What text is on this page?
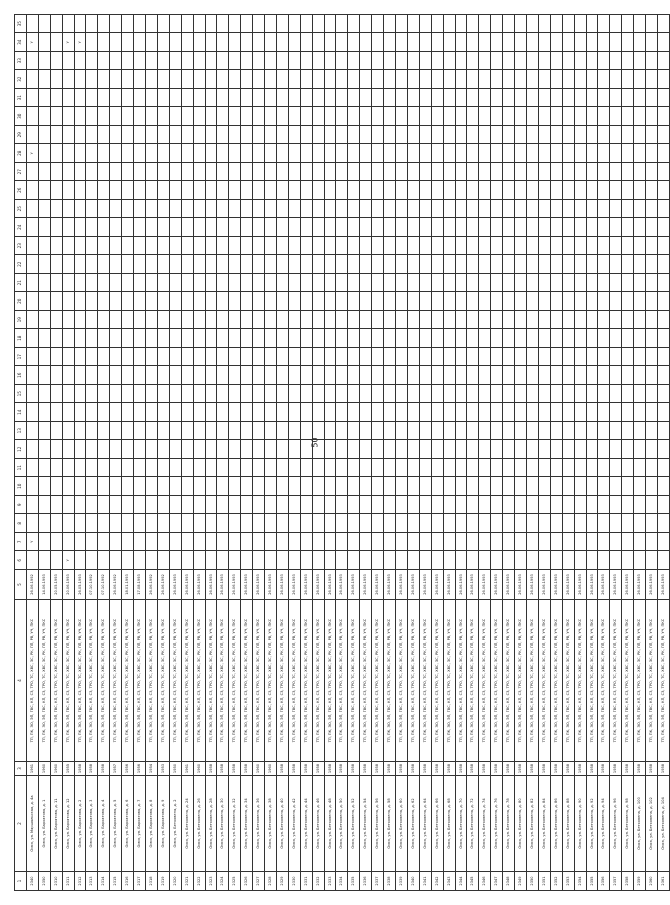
50
1	2	3	4	5	6	7	8	9	10	11	12	13	14	15	16	17	18	19	20	21	22	23	24	25	26	27	28	29	30	31	32	33	34	35
2340	Омск, ул. Маршальская, д. 4а	1961	ТП, ПК, ЭО, ЭП, ГВС, КП, СЗ, ТРО, ТС, ХВС, ЗС, РК, ПП, РВ, УЧ, ПКС	26.06.1992		Y																					Y						Y	
2350	Омск, ул. Бархатова, д. 1	1960	ТП, ПК, ЭО, ЭП, ГВС, КП, СЗ, ТРО, ТС, ХВС, ЗС, РК, ПП, РВ, УЧ, ПКС	14.06.1993																														
2310	Омск, ул. Бархатова, д. 11	1960	ТП, ПК, ЭО, ЭП, ГВС, КП, СЗ, ТРО, ТС, ХВС, ЗС, РК, ПП, РВ, УЧ, ПКС	20.05.1993																														
2311	Омск, ул. Бархатова, д. 12	1955	ТП, ПК, ЭО, ЭП, ГВС, КП, СЗ, ТРО, ТС, ХВС, ЗС, РК, ПП, РВ, УЧ, ПКС	20.06.1993	Y																												Y	
2312	Омск, ул. Бархатова, д. 2	1958	ТП, ПК, ЭО, ЭП, ГВС, КП, СЗ, ТРО, ТС, ХВС, ЗС, РК, ПП, РВ, УЧ, ПКС	26.05.1993																													Y	
2313	Омск, ул. Бархатова, д. 3	1958	ТП, ПК, ЭО, ЭП, ГВС, КП, СЗ, ТРО, ТС, ХВС, ЗС, РК, ПП, РВ, УЧ, ПКС	07.10.1992																														
2314	Омск, ул. Бархатова, д. 4	1958	ТП, ПК, ЭО, ЭП, ГВС, КП, СЗ, ТРО, ТС, ХВС, ЗС, РК, ПП, РВ, УЧ, ПКС	07.10.1992																														
2315	Омск, ул. Бархатова, д. 5	1957	ТП, ПК, ЭО, ЭП, ГВС, КП, СЗ, ТРО, ТС, ХВС, ЗС, РК, ПП, РВ, УЧ, ПКС	26.06.1992																														
2316	Омск, ул. Бархатова, д. 6	1956	ТП, ПК, ЭО, ЭП, ГВС, КП, СЗ, ТРО, ТС, ХВС, ЗС, РК, ПП, РВ, УЧ, ПКС	18.01.1993																														
2317	Омск, ул. Бархатова, д. 7	1956	ТП, ПК, ЭО, ЭП, ГВС, КП, СЗ, ТРО, ТС, ХВС, ЗС, РК, ПП, РВ, УЧ, ПКС	17.08.1993																														
2318	Омск, ул. Бархатова, д. 8	1954	ТП, ПК, ЭО, ЭП, ГВС, КП, СЗ, ТРО, ТС, ХВС, ЗС, РК, ПП, РВ, УЧ, ПКС	26.06.1992																														
2319	Омск, ул. Бархатова, д. 9	1953	ТП, ПК, ЭО, ЭП, ГВС, КП, СЗ, ТРО, ТС, ХВС, ЗС, РК, ПП, РВ, УЧ, ПКС	26.06.1992																														
2320	Омск, ул. Бетховена, д. 2	1950	ТП, ПК, ЭО, ЭП, ГВС, КП, СЗ, ТРО, ТС, ХВС, ЗС, РК, ПП, РВ, УЧ, ПКС	26.06.1993																														
2321	Омск, ул. Бетховена, д. 24	1961	ТП, ПК, ЭО, ЭП, ГВС, КП, СЗ, ТРО, ТС, ХВС, ЗС, РК, ПП, РВ, УЧ, ПКС	26.06.1993																														
2322	Омск, ул. Бетховена, д. 26	1960	ТП, ПК, ЭО, ЭП, ГВС, КП, СЗ, ТРО, ТС, ХВС, ЗС, РК, ПП, РВ, УЧ, ПКС	26.06.1993																														
2323	Омск, ул. Бетховена, д. 28	1958	ТП, ПК, ЭО, ЭП, ГВС, КП, СЗ, ТРО, ТС, ХВС, ЗС, РК, ПП, РВ, УЧ, ПКС	26.06.1993																														
2324	Омск, ул. Бетховена, д. 30	1958	ТП, ПК, ЭО, ЭП, ГВС, КП, СЗ, ТРО, ТС, ХВС, ЗС, РК, ПП, РВ, УЧ, ПКС	26.06.1993																														
2325	Омск, ул. Бетховена, д. 32	1958	ТП, ПК, ЭО, ЭП, ГВС, КП, СЗ, ТРО, ТС, ХВС, ЗС, РК, ПП, РВ, УЧ, ПКС	26.06.1993																														
2326	Омск, ул. Бетховена, д. 34	1958	ТП, ПК, ЭО, ЭП, ГВС, КП, СЗ, ТРО, ТС, ХВС, ЗС, РК, ПП, РВ, УЧ, ПКС	26.06.1993																														
2327	Омск, ул. Бетховена, д. 36	1960	ТП, ПК, ЭО, ЭП, ГВС, КП, СЗ, ТРО, ТС, ХВС, ЗС, РК, ПП, РВ, УЧ, ПКС	26.06.1993																														
2328	Омск, ул. Бетховена, д. 38	1960	ТП, ПК, ЭО, ЭП, ГВС, КП, СЗ, ТРО, ТС, ХВС, ЗС, РК, ПП, РВ, УЧ, ПКС	26.06.1993																														
2329	Омск, ул. Бетховена, д. 40	1958	ТП, ПК, ЭО, ЭП, ГВС, КП, СЗ, ТРО, ТС, ХВС, ЗС, РК, ПП, РВ, УЧ, ПКС	26.06.1993																														
2330	Омск, ул. Бетховена, д. 42	1958	ТП, ПК, ЭО, ЭП, ГВС, КП, СЗ, ТРО, ТС, ХВС, ЗС, РК, ПП, РВ, УЧ, ПКС	26.06.1993																														
2331	Омск, ул. Бетховена, д. 44	1958	ТП, ПК, ЭО, ЭП, ГВС, КП, СЗ, ТРО, ТС, ХВС, ЗС, РК, ПП, РВ, УЧ, ПКС	26.06.1993																														
2332	Омск, ул. Бетховена, д. 46	1958	ТП, ПК, ЭО, ЭП, ГВС, КП, СЗ, ТРО, ТС, ХВС, ЗС, РК, ПП, РВ, УЧ, ПКС	26.06.1993																														
2333	Омск, ул. Бетховена, д. 48	1958	ТП, ПК, ЭО, ЭП, ГВС, КП, СЗ, ТРО, ТС, ХВС, ЗС, РК, ПП, РВ, УЧ, ПКС	26.06.1993																														
2334	Омск, ул. Бетховена, д. 50	1958	ТП, ПК, ЭО, ЭП, ГВС, КП, СЗ, ТРО, ТС, ХВС, ЗС, РК, ПП, РВ, УЧ, ПКС	26.06.1993																														
2335	Омск, ул. Бетховена, д. 52	1958	ТП, ПК, ЭО, ЭП, ГВС, КП, СЗ, ТРО, ТС, ХВС, ЗС, РК, ПП, РВ, УЧ, ПКС	26.06.1993																														
2336	Омск, ул. Бетховена, д. 54	1958	ТП, ПК, ЭО, ЭП, ГВС, КП, СЗ, ТРО, ТС, ХВС, ЗС, РК, ПП, РВ, УЧ, ПКС	26.06.1993																														
2337	Омск, ул. Бетховена, д. 56	1958	ТП, ПК, ЭО, ЭП, ГВС, КП, СЗ, ТРО, ТС, ХВС, ЗС, РК, ПП, РВ, УЧ, ПКС	26.06.1993																														
2338	Омск, ул. Бетховена, д. 58	1958	ТП, ПК, ЭО, ЭП, ГВС, КП, СЗ, ТРО, ТС, ХВС, ЗС, РК, ПП, РВ, УЧ, ПКС	26.06.1993																														
2339	Омск, ул. Бетховена, д. 60	1958	ТП, ПК, ЭО, ЭП, ГВС, КП, СЗ, ТРО, ТС, ХВС, ЗС, РК, ПП, РВ, УЧ, ПКС	26.06.1993																														
2340	Омск, ул. Бетховена, д. 62	1958	ТП, ПК, ЭО, ЭП, ГВС, КП, СЗ, ТРО, ТС, ХВС, ЗС, РК, ПП, РВ, УЧ, ПКС	26.06.1993																														
2341	Омск, ул. Бетховена, д. 64	1958	ТП, ПК, ЭО, ЭП, ГВС, КП, СЗ, ТРО, ТС, ХВС, ЗС, РК, ПП, РВ, УЧ, ПКС	26.06.1993																														
2342	Омск, ул. Бетховена, д. 66	1958	ТП, ПК, ЭО, ЭП, ГВС, КП, СЗ, ТРО, ТС, ХВС, ЗС, РК, ПП, РВ, УЧ, ПКС	26.06.1993																														
2343	Омск, ул. Бетховена, д. 68	1958	ТП, ПК, ЭО, ЭП, ГВС, КП, СЗ, ТРО, ТС, ХВС, ЗС, РК, ПП, РВ, УЧ, ПКС	26.06.1993																														
2344	Омск, ул. Бетховена, д. 70	1958	ТП, ПК, ЭО, ЭП, ГВС, КП, СЗ, ТРО, ТС, ХВС, ЗС, РК, ПП, РВ, УЧ, ПКС	26.06.1993																														
2345	Омск, ул. Бетховена, д. 72	1958	ТП, ПК, ЭО, ЭП, ГВС, КП, СЗ, ТРО, ТС, ХВС, ЗС, РК, ПП, РВ, УЧ, ПКС	26.06.1993																														
2346	Омск, ул. Бетховена, д. 74	1958	ТП, ПК, ЭО, ЭП, ГВС, КП, СЗ, ТРО, ТС, ХВС, ЗС, РК, ПП, РВ, УЧ, ПКС	26.06.1993																														
2347	Омск, ул. Бетховена, д. 76	1958	ТП, ПК, ЭО, ЭП, ГВС, КП, СЗ, ТРО, ТС, ХВС, ЗС, РК, ПП, РВ, УЧ, ПКС	26.06.1993																														
2348	Омск, ул. Бетховена, д. 78	1958	ТП, ПК, ЭО, ЭП, ГВС, КП, СЗ, ТРО, ТС, ХВС, ЗС, РК, ПП, РВ, УЧ, ПКС	26.06.1993																														
2349	Омск, ул. Бетховена, д. 80	1958	ТП, ПК, ЭО, ЭП, ГВС, КП, СЗ, ТРО, ТС, ХВС, ЗС, РК, ПП, РВ, УЧ, ПКС	26.06.1993																														
2350	Омск, ул. Бетховена, д. 82	1958	ТП, ПК, ЭО, ЭП, ГВС, КП, СЗ, ТРО, ТС, ХВС, ЗС, РК, ПП, РВ, УЧ, ПКС	26.06.1993																														
2351	Омск, ул. Бетховена, д. 84	1958	ТП, ПК, ЭО, ЭП, ГВС, КП, СЗ, ТРО, ТС, ХВС, ЗС, РК, ПП, РВ, УЧ, ПКС	26.06.1993																														
2352	Омск, ул. Бетховена, д. 86	1958	ТП, ПК, ЭО, ЭП, ГВС, КП, СЗ, ТРО, ТС, ХВС, ЗС, РК, ПП, РВ, УЧ, ПКС	26.06.1993																														
2353	Омск, ул. Бетховена, д. 88	1958	ТП, ПК, ЭО, ЭП, ГВС, КП, СЗ, ТРО, ТС, ХВС, ЗС, РК, ПП, РВ, УЧ, ПКС	26.06.1993																														
2354	Омск, ул. Бетховена, д. 90	1958	ТП, ПК, ЭО, ЭП, ГВС, КП, СЗ, ТРО, ТС, ХВС, ЗС, РК, ПП, РВ, УЧ, ПКС	26.06.1993																														
2355	Омск, ул. Бетховена, д. 92	1958	ТП, ПК, ЭО, ЭП, ГВС, КП, СЗ, ТРО, ТС, ХВС, ЗС, РК, ПП, РВ, УЧ, ПКС	26.06.1993																														
2356	Омск, ул. Бетховена, д. 94	1958	ТП, ПК, ЭО, ЭП, ГВС, КП, СЗ, ТРО, ТС, ХВС, ЗС, РК, ПП, РВ, УЧ, ПКС	26.06.1993																														
2357	Омск, ул. Бетховена, д. 96	1958	ТП, ПК, ЭО, ЭП, ГВС, КП, СЗ, ТРО, ТС, ХВС, ЗС, РК, ПП, РВ, УЧ, ПКС	26.06.1993																														
2358	Омск, ул. Бетховена, д. 98	1958	ТП, ПК, ЭО, ЭП, ГВС, КП, СЗ, ТРО, ТС, ХВС, ЗС, РК, ПП, РВ, УЧ, ПКС	26.06.1993																														
2359	Омск, ул. Бетховена, д. 100	1958	ТП, ПК, ЭО, ЭП, ГВС, КП, СЗ, ТРО, ТС, ХВС, ЗС, РК, ПП, РВ, УЧ, ПКС	26.06.1993																														
2360	Омск, ул. Бетховена, д. 102	1958	ТП, ПК, ЭО, ЭП, ГВС, КП, СЗ, ТРО, ТС, ХВС, ЗС, РК, ПП, РВ, УЧ, ПКС	26.06.1993																														
2361	Омск, ул. Бетховена, д. 104	1958	ТП, ПК, ЭО, ЭП, ГВС, КП, СЗ, ТРО, ТС, ХВС, ЗС, РК, ПП, РВ, УЧ, ПКС	26.06.1993																														
